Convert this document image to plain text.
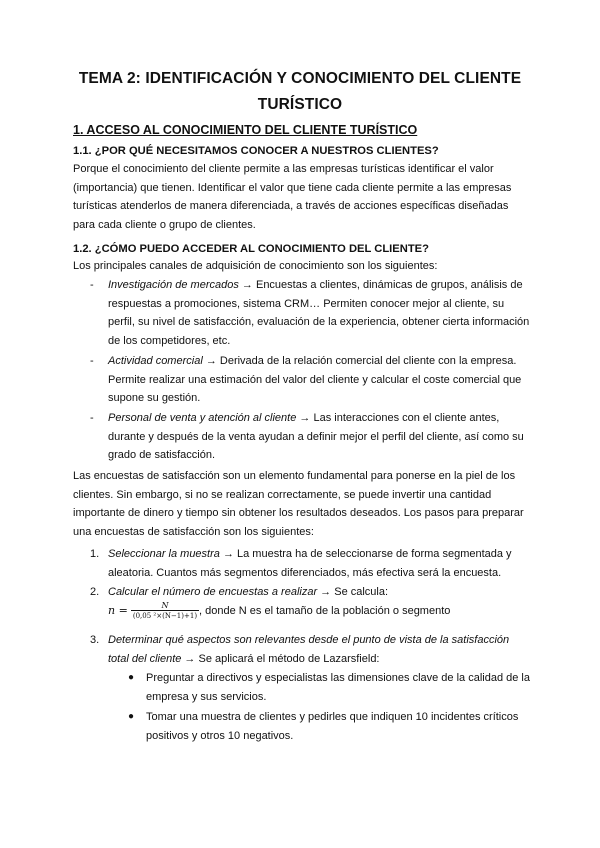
TEMA 2: IDENTIFICACIÓN Y CONOCIMIENTO DEL CLIENTE TURÍSTICO
1. ACCESO AL CONOCIMIENTO DEL CLIENTE TURÍSTICO
1.1. ¿POR QUÉ NECESITAMOS CONOCER A NUESTROS CLIENTES?
Porque el conocimiento del cliente permite a las empresas turísticas identificar el valor (importancia) que tienen. Identificar el valor que tiene cada cliente permite a las empresas turísticas atenderlos de manera diferenciada, a través de acciones específicas diseñadas para cada cliente o grupo de clientes.
1.2. ¿CÓMO PUEDO ACCEDER AL CONOCIMIENTO DEL CLIENTE?
Los principales canales de adquisición de conocimiento son los siguientes:
- Investigación de mercados → Encuestas a clientes, dinámicas de grupos, análisis de respuestas a promociones, sistema CRM… Permiten conocer mejor al cliente, su perfil, su nivel de satisfacción, evaluación de la experiencia, obtener cierta información de los competidores, etc.
- Actividad comercial → Derivada de la relación comercial del cliente con la empresa. Permite realizar una estimación del valor del cliente y calcular el coste comercial que supone su gestión.
- Personal de venta y atención al cliente → Las interacciones con el cliente antes, durante y después de la venta ayudan a definir mejor el perfil del cliente, así como su grado de satisfacción.
Las encuestas de satisfacción son un elemento fundamental para ponerse en la piel de los clientes. Sin embargo, si no se realizan correctamente, se puede invertir una cantidad importante de dinero y tiempo sin obtener los resultados deseados. Los pasos para preparar una encuestas de satisfacción son los siguientes:
1. Seleccionar la muestra → La muestra ha de seleccionarse de forma segmentada y aleatoria. Cuantos más segmentos diferenciados, más efectiva será la encuesta.
2. Calcular el número de encuestas a realizar → Se calcula:
$n = \frac{N}{\text{(0,05 ²×(N−1)+1)}}$ , donde N es el tamaño de la población o segmento
3. Determinar qué aspectos son relevantes desde el punto de vista de la satisfacción total del cliente → Se aplicará el método de Lazarsfield:
● Preguntar a directivos y especialistas las dimensiones clave de la calidad de la empresa y sus servicios.
● Tomar una muestra de clientes y pedirles que indiquen 10 incidentes críticos positivos y otros 10 negativos.
